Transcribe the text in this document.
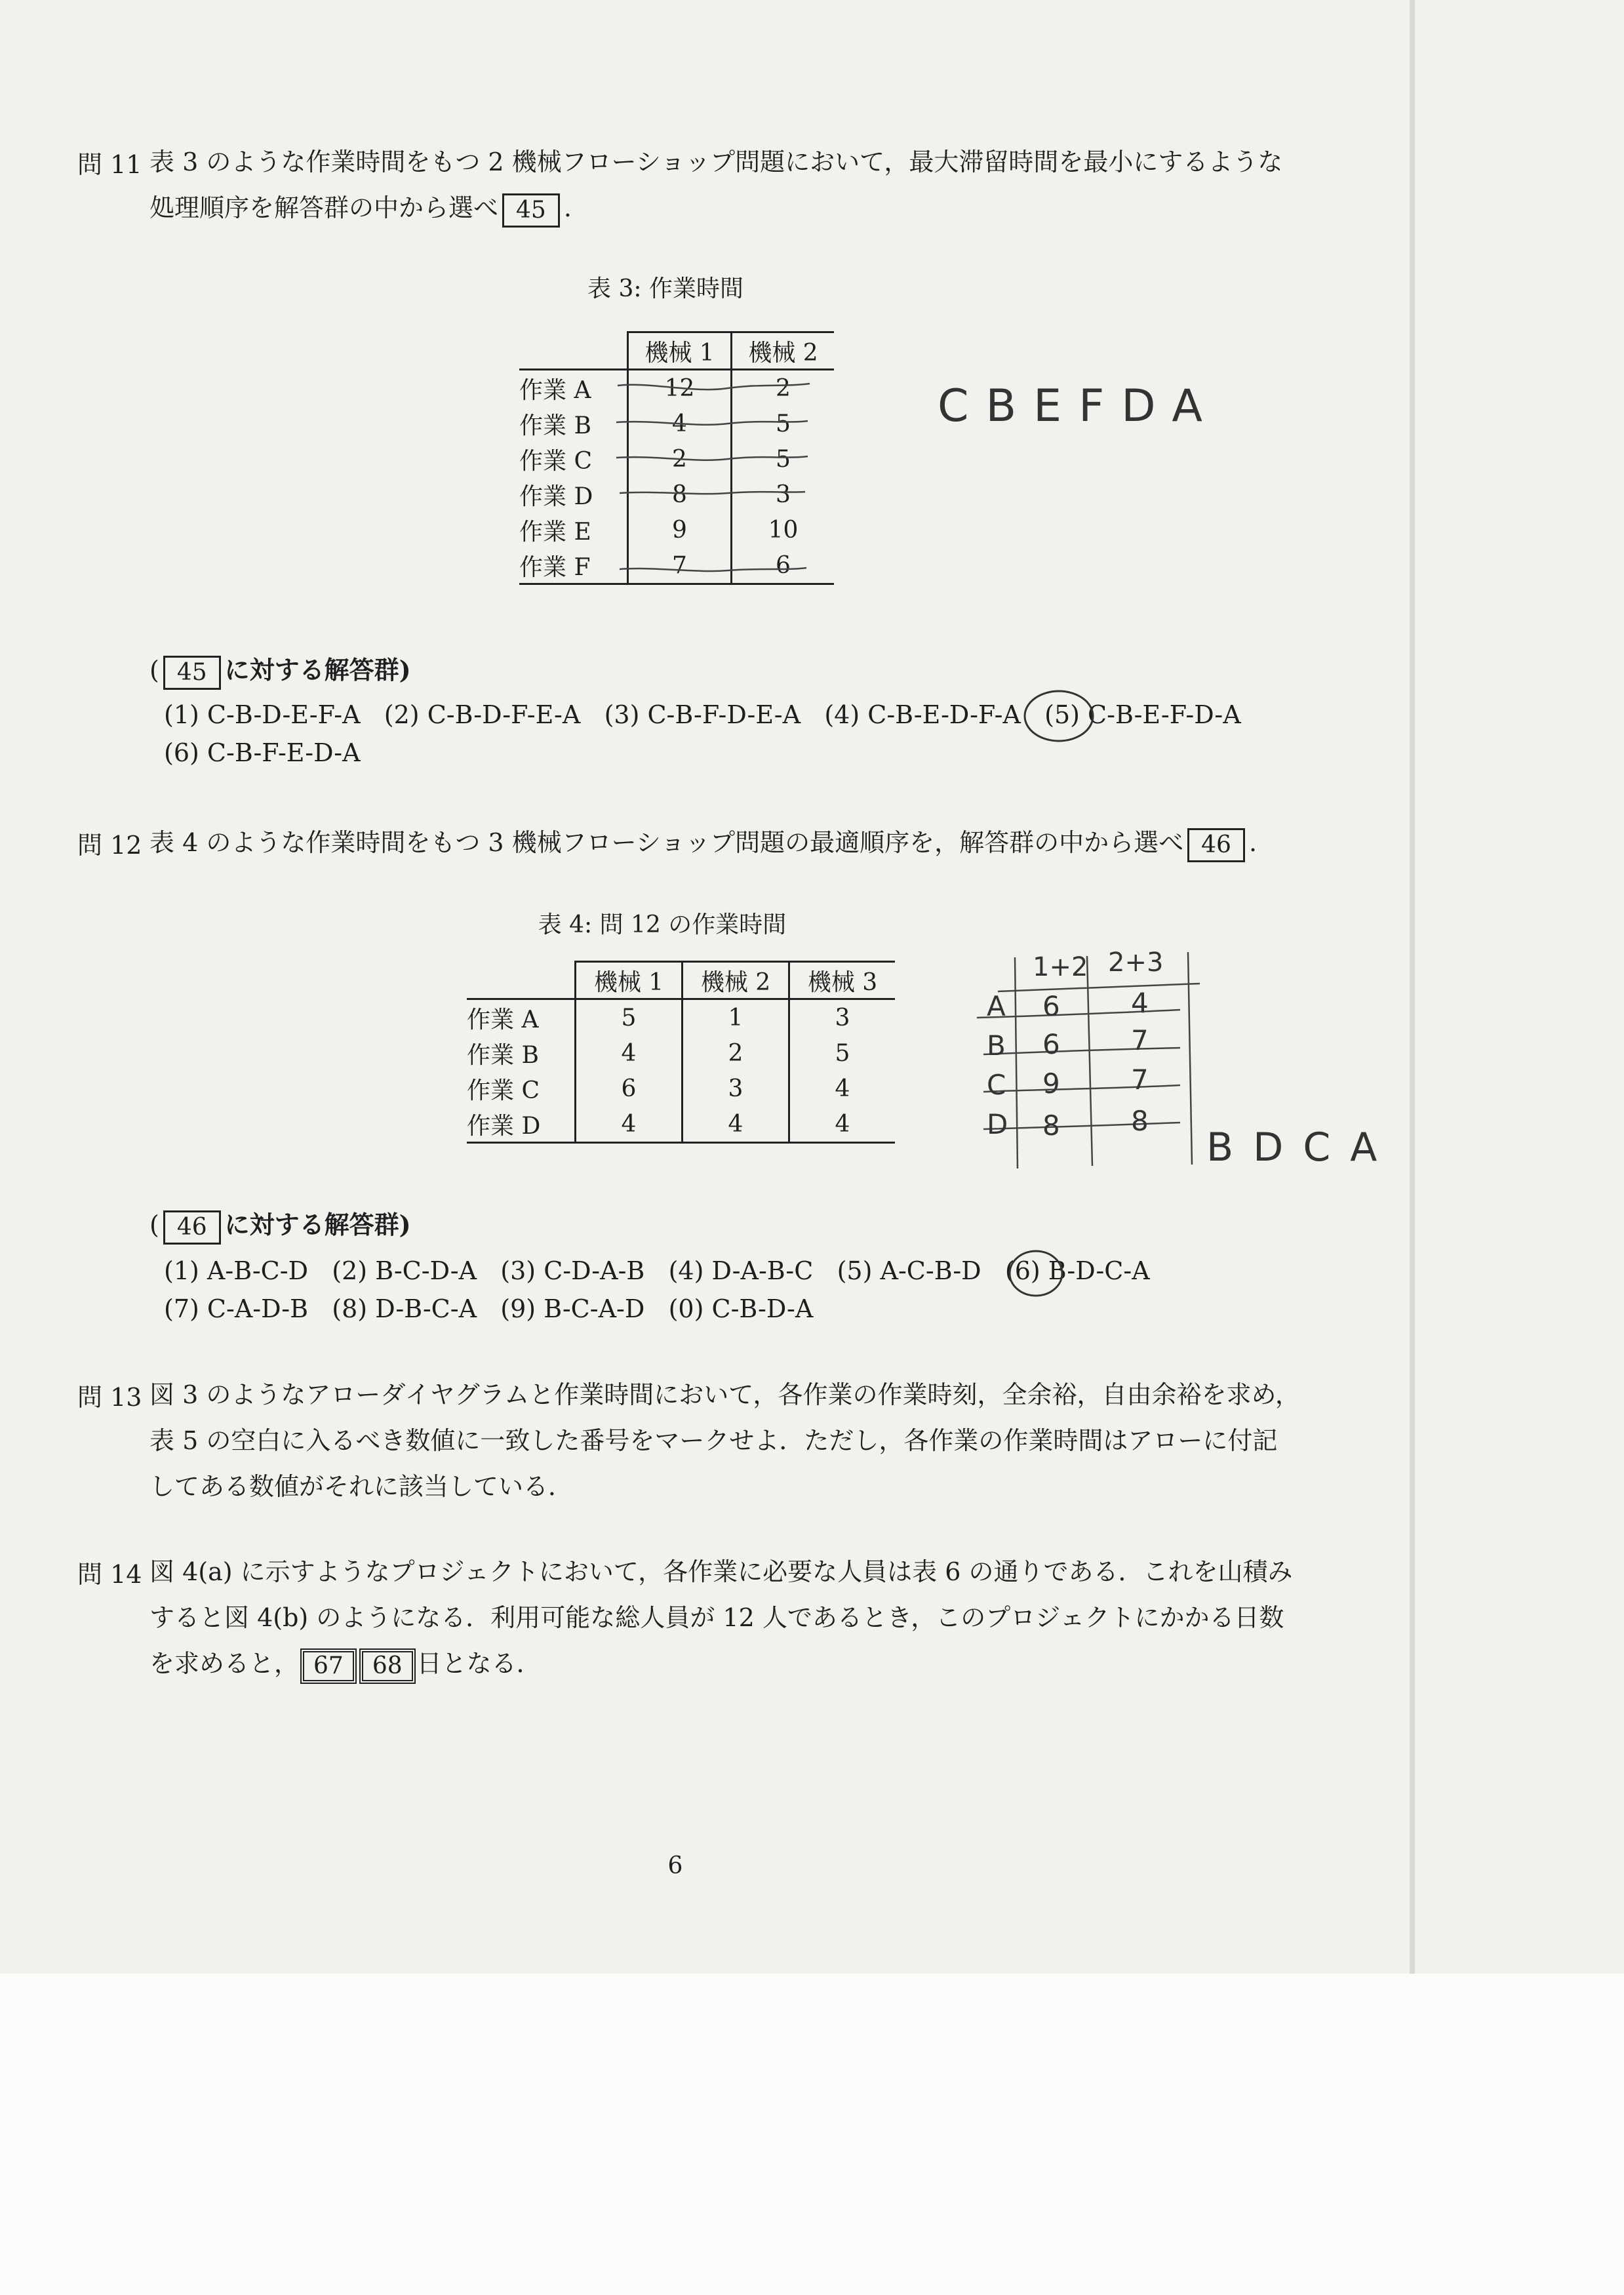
問 11 表 3 のような作業時間をもつ 2 機械フローショップ問題において，最大滞留時間を最小にするような
処理順序を解答群の中から選べ 45 .
表 3: 作業時間
	機械 1	機械 2
作業 A	12	2
作業 B	4	5
作業 C	2	5
作業 D	8	3
作業 E	9	10
作業 F	7	6
CBEFDA
( 45 に対する解答群)
(1) C-B-D-E-F-A (2) C-B-D-F-E-A (3) C-B-F-D-E-A (4) C-B-E-D-F-A (5) C-B-E-F-D-A
(6) C-B-F-E-D-A
問 12 表 4 のような作業時間をもつ 3 機械フローショップ問題の最適順序を，解答群の中から選べ 46 .
表 4: 問 12 の作業時間
	機械 1	機械 2	機械 3
作業 A	5	1	3
作業 B	4	2	5
作業 C	6	3	4
作業 D	4	4	4
1+2 2+3
A 6	4
B 6	7
C 9	7
D 8	8
BDCA
( 46 に対する解答群)
(1) A-B-C-D (2) B-C-D-A (3) C-D-A-B (4) D-A-B-C (5) A-C-B-D (6) B-D-C-A
(7) C-A-D-B (8) D-B-C-A (9) B-C-A-D (0) C-B-D-A
問 13 図 3 のようなアローダイヤグラムと作業時間において，各作業の作業時刻，全余裕，自由余裕を求め，
表 5 の空白に入るべき数値に一致した番号をマークせよ．ただし，各作業の作業時間はアローに付記
してある数値がそれに該当している．
問 14 図 4(a) に示すようなプロジェクトにおいて，各作業に必要な人員は表 6 の通りである．これを山積み
すると図 4(b) のようになる．利用可能な総人員が 12 人であるとき，このプロジェクトにかかる日数
を求めると， 67 68 日となる．
6
